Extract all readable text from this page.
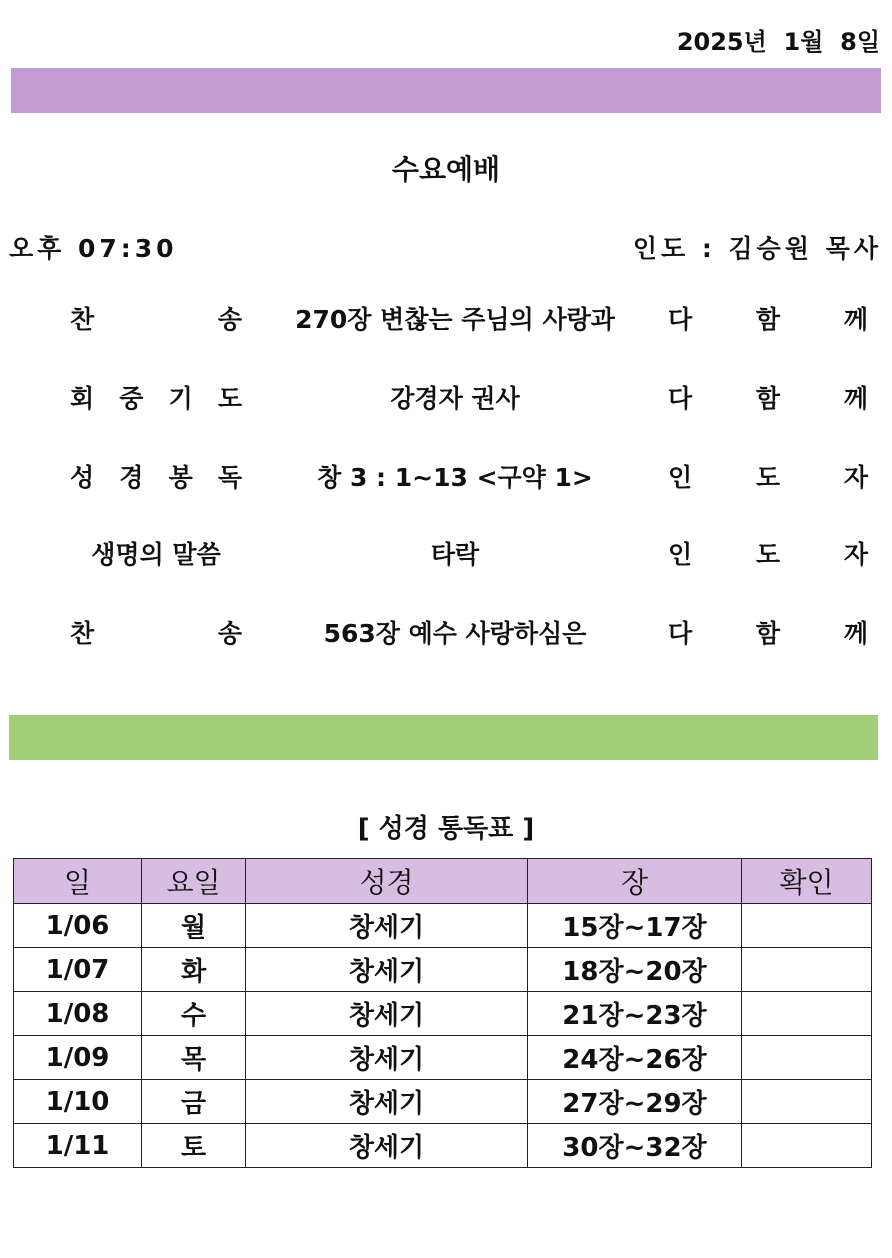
2025년  1월  8일
수요예배
오후 07:30	인도 : 김승원 목사
찬	송	270장 변찮는 주님의 사랑과	다	함	께
회 중 기 도	강경자 권사	다	함	께
성 경 봉 독	창 3 : 1~13 <구약 1>	인	도	자
생명의 말씀	타락	인	도	자
찬	송	563장 예수 사랑하심은	다	함	께
[ 성경 통독표 ]
일	요일	성경	장	확인
1/06	월	창세기	15장~17장	
1/07	화	창세기	18장~20장	
1/08	수	창세기	21장~23장	
1/09	목	창세기	24장~26장	
1/10	금	창세기	27장~29장	
1/11	토	창세기	30장~32장	
